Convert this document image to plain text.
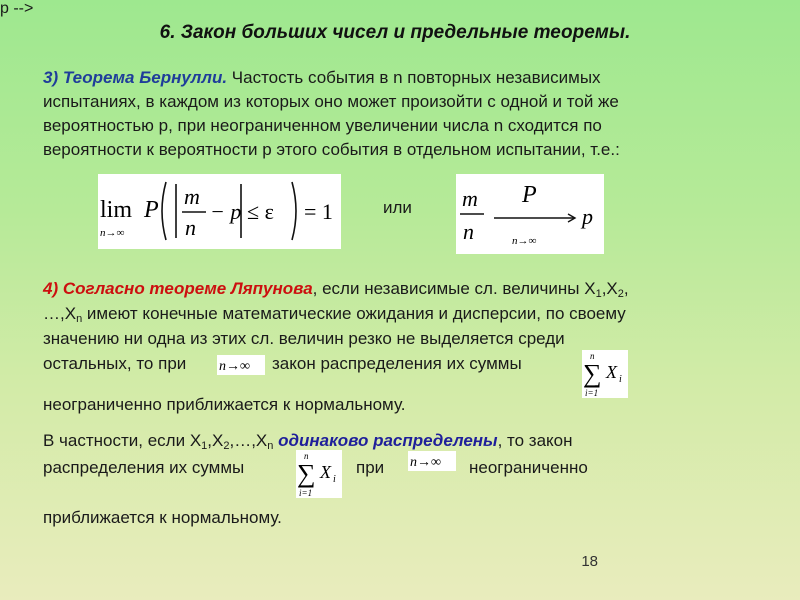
6. Закон больших чисел и предельные теоремы.
3) Теорема Бернулли. Частость события в n повторных независимых
испытаниях, в каждом из которых оно может произойти с одной и той же
вероятностью p, при неограниченном увеличении числа n сходится по
вероятности к вероятности p этого события в отдельном испытании, т.е.:
lim
n→∞
P
m
n
− p ≤ ε = 1	или
p -->
m
n
P
p
n→∞
4) Согласно теореме Ляпунова, если независимые сл. величины $X_1,X_2$,
$\dots,X_n$ имеют конечные математические ожидания и дисперсии, по своему
значению ни одна из этих сл. величин резко не выделяется среди
остальных, то при n→∞ закон распределения их суммы	n
∑ X i
i=1
неограниченно приближается к нормальному.
В частности, если $X_1,X_2,\dots,X_n$ одинаково распределены, то закон
распределения их суммы
n
∑ X i
i=1
при n→∞ неограниченно
приближается к нормальному.
18
